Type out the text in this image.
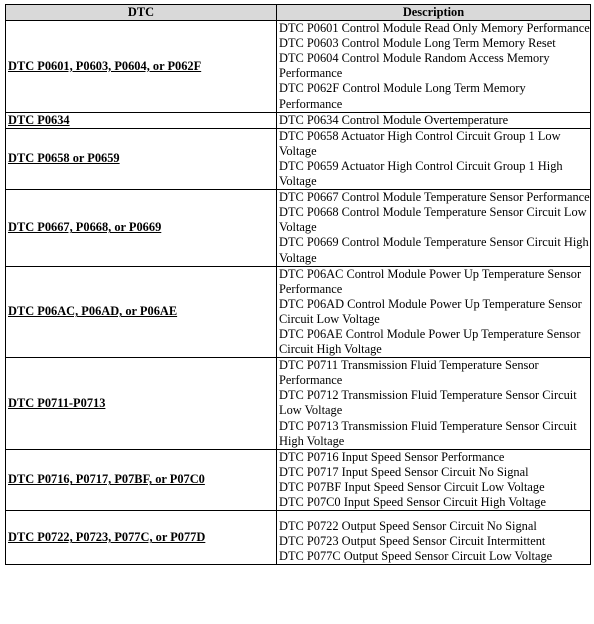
DTC	Description
DTC P0601, P0603, P0604, or P062F	DTC P0601 Control Module Read Only Memory Performance
DTC P0603 Control Module Long Term Memory Reset
DTC P0604 Control Module Random Access Memory Performance
DTC P062F Control Module Long Term Memory Performance

DTC P0634	DTC P0634 Control Module Overtemperature

DTC P0658 or P0659	DTC P0658 Actuator High Control Circuit Group 1 Low Voltage
DTC P0659 Actuator High Control Circuit Group 1 High Voltage

DTC P0667, P0668, or P0669	DTC P0667 Control Module Temperature Sensor Performance
DTC P0668 Control Module Temperature Sensor Circuit Low Voltage
DTC P0669 Control Module Temperature Sensor Circuit High Voltage

DTC P06AC, P06AD, or P06AE	DTC P06AC Control Module Power Up Temperature Sensor Performance
DTC P06AD Control Module Power Up Temperature Sensor Circuit Low Voltage
DTC P06AE Control Module Power Up Temperature Sensor Circuit High Voltage

DTC P0711-P0713	DTC P0711 Transmission Fluid Temperature Sensor Performance
DTC P0712 Transmission Fluid Temperature Sensor Circuit Low Voltage
DTC P0713 Transmission Fluid Temperature Sensor Circuit High Voltage

DTC P0716, P0717, P07BF, or P07C0	DTC P0716 Input Speed Sensor Performance
DTC P0717 Input Speed Sensor Circuit No Signal
DTC P07BF Input Speed Sensor Circuit Low Voltage
DTC P07C0 Input Speed Sensor Circuit High Voltage

DTC P0722, P0723, P077C, or P077D	DTC P0722 Output Speed Sensor Circuit No Signal
DTC P0723 Output Speed Sensor Circuit Intermittent
DTC P077C Output Speed Sensor Circuit Low Voltage
